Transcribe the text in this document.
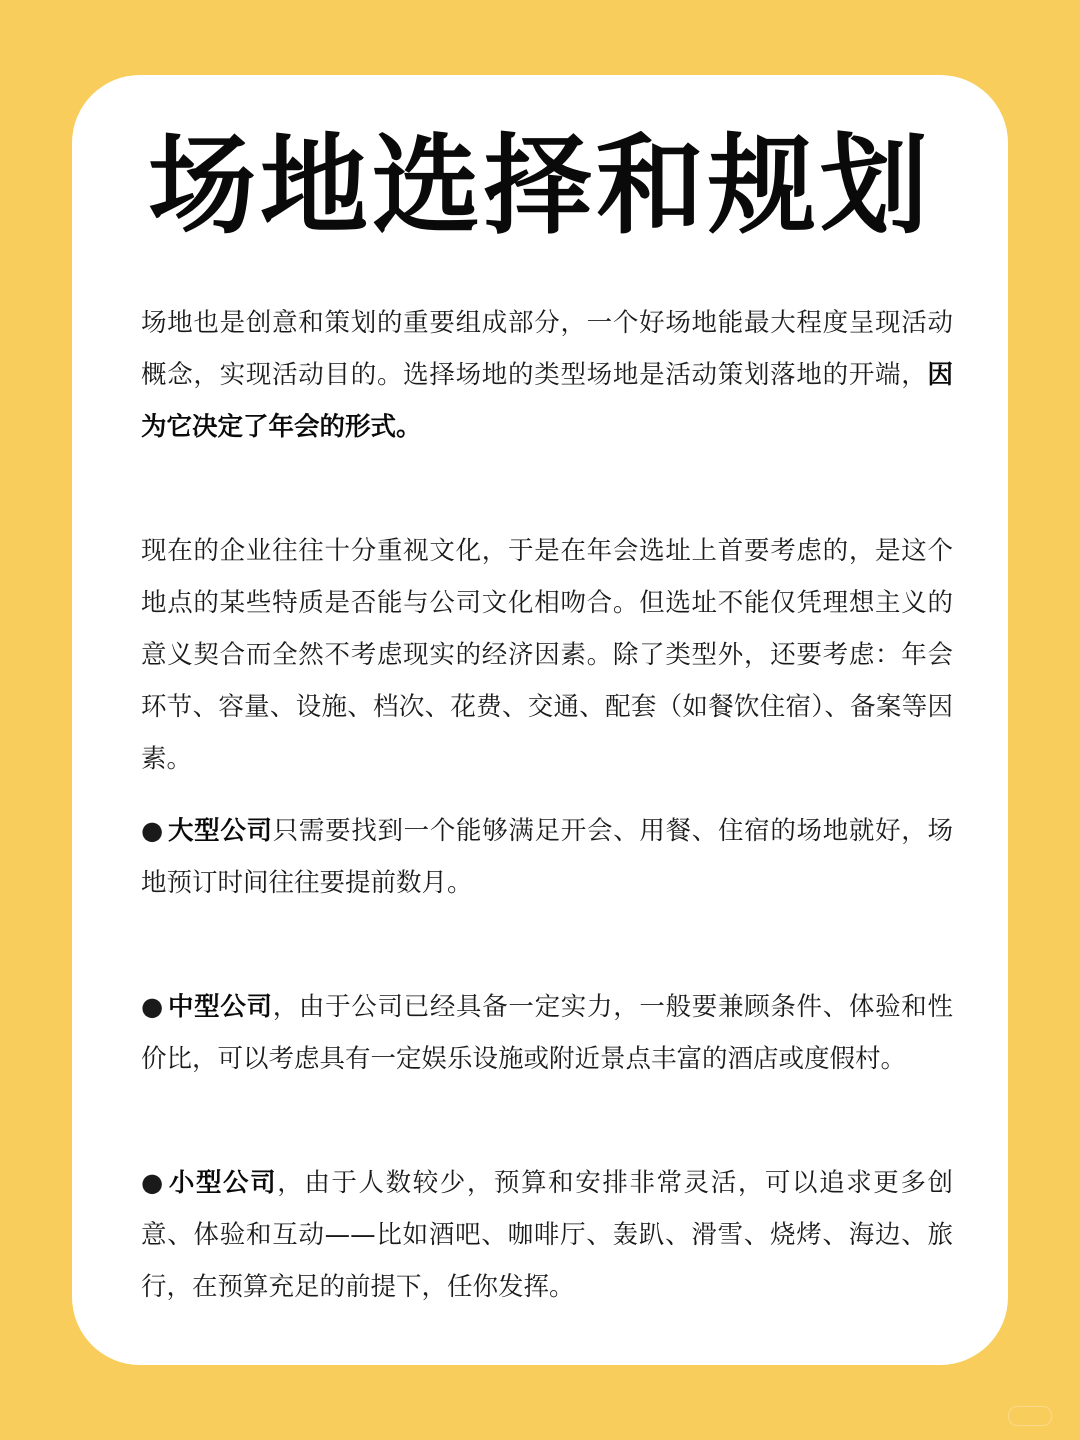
场地选择和规划

场地也是创意和策划的重要组成部分，一个好场地能最大程度呈现活动概念，实现活动目的。选择场地的类型场地是活动策划落地的开端，因为它决定了年会的形式。

现在的企业往往十分重视文化，于是在年会选址上首要考虑的，是这个地点的某些特质是否能与公司文化相吻合。但选址不能仅凭理想主义的意义契合而全然不考虑现实的经济因素。除了类型外，还要考虑：年会环节、容量、设施、档次、花费、交通、配套（如餐饮住宿）、备案等因素。

● 大型公司只需要找到一个能够满足开会、用餐、住宿的场地就好，场地预订时间往往要提前数月。

● 中型公司，由于公司已经具备一定实力，一般要兼顾条件、体验和性价比，可以考虑具有一定娱乐设施或附近景点丰富的酒店或度假村。

● 小型公司，由于人数较少，预算和安排非常灵活，可以追求更多创意、体验和互动——比如酒吧、咖啡厅、轰趴、滑雪、烧烤、海边、旅行，在预算充足的前提下，任你发挥。
